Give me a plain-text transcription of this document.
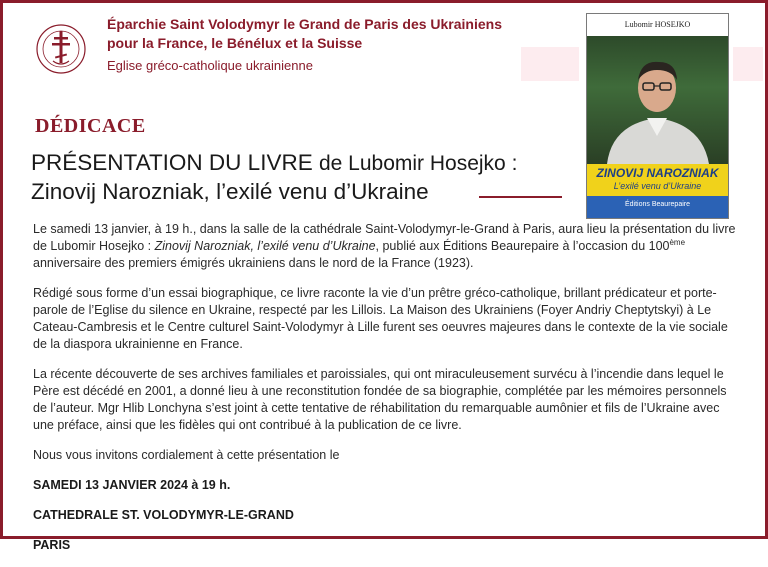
Éparchie Saint Volodymyr le Grand de Paris des Ukrainiens
pour la France, le Bénélux et la Suisse
Eglise gréco-catholique ukrainienne
DÉDICACE
PRÉSENTATION DU LIVRE de Lubomir Hosejko :
Zinovij Narozniak, l’exilé venu d’Ukraine
Lubomir HOSEJKO
ZINOVIJ NAROZNIAK
L’exilé venu d’Ukraine
Éditions Beaurepaire

Le samedi 13 janvier, à 19 h., dans la salle de la cathédrale Saint-Volodymyr-le-Grand à Paris, aura lieu la présentation du livre de Lubomir Hosejko : Zinovij Narozniak, l’exilé venu d’Ukraine, publié aux Éditions Beaurepaire à l’occasion du 100ème anniversaire des premiers émigrés ukrainiens dans le nord de la France (1923).

Rédigé sous forme d’un essai biographique, ce livre raconte la vie d’un prêtre gréco-catholique, brillant prédicateur et porte-parole de l’Eglise du silence en Ukraine, respecté par les Lillois. La Maison des Ukrainiens (Foyer Andriy Cheptytskyi) à Le Cateau-Cambresis et le Centre culturel Saint-Volodymyr à Lille furent ses oeuvres majeures dans le contexte de la vie sociale de la diaspora ukrainienne en France.

La récente découverte de ses archives familiales et paroissiales, qui ont miraculeusement survécu à l’incendie dans lequel le Père est décédé en 2001, a donné lieu à une reconstitution fondée de sa biographie, complétée par les mémoires personnels de l’auteur. Mgr Hlib Lonchyna s’est joint à cette tentative de réhabilitation du remarquable aumônier et fils de l’Ukraine avec une préface, ainsi que les fidèles qui ont contribué à la publication de ce livre.

Nous vous invitons cordialement à cette présentation le

SAMEDI 13 JANVIER 2024 à 19 h.

CATHEDRALE ST. VOLODYMYR-LE-GRAND

PARIS
